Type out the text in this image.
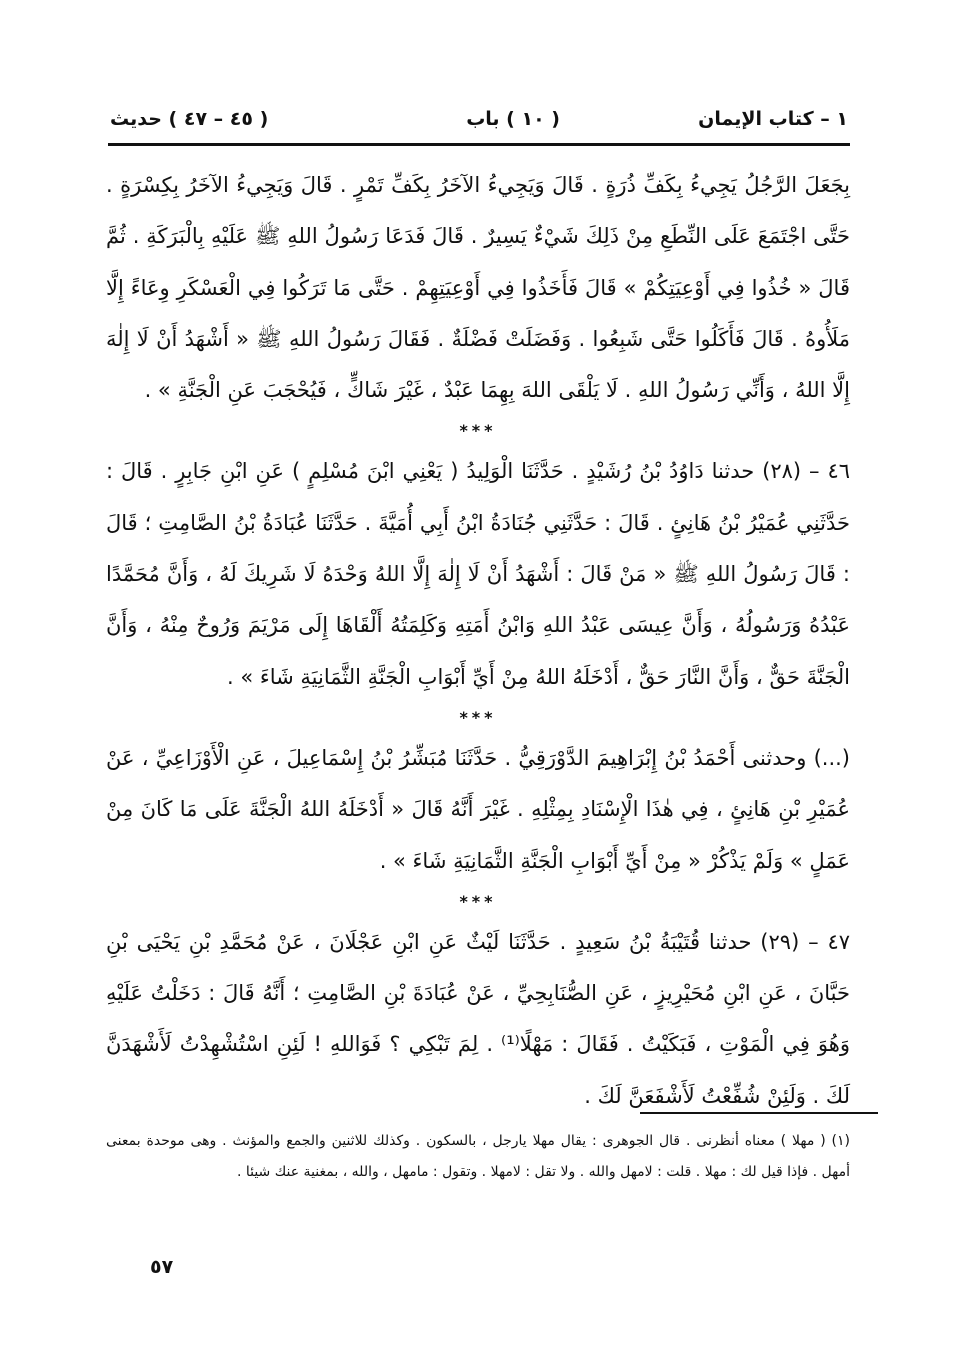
١ – كتاب الإيمان
( ١٠ ) باب
( ٤٥ – ٤٧ ) حديث

بِجَعَلَ الرَّجُلُ يَجِيءُ بِكَفِّ ذُرَةٍ . قَالَ وَيَجِيءُ الآخَرُ بِكَفِّ تَمْرٍ . قَالَ وَيَجِيءُ الآخَرُ بِكِسْرَةٍ . حَتَّى اجْتَمَعَ عَلَى النِّطَعِ مِنْ ذَلِكَ شَيْءٌ يَسِيرٌ . قَالَ فَدَعَا رَسُولُ اللهِ ﷺ عَلَيْهِ بِالْبَرَكَةِ . ثُمَّ قَالَ « خُذُوا فِي أَوْعِيَتِكُمْ » قَالَ فَأَخَذُوا فِي أَوْعِيَتِهِمْ . حَتَّى مَا تَرَكُوا فِي الْعَسْكَرِ وِعَاءً إِلَّا مَلَأُوهُ . قَالَ فَأَكَلُوا حَتَّى شَبِعُوا . وَفَضَلَتْ فَضْلَةٌ . فَقَالَ رَسُولُ اللهِ ﷺ « أَشْهَدُ أَنْ لَا إِلٰهَ إِلَّا اللهُ ، وَأَنِّي رَسُولُ اللهِ . لَا يَلْقَى اللهَ بِهِمَا عَبْدٌ ، غَيْرَ شَاكٍّ ، فَيُحْجَبَ عَنِ الْجَنَّةِ » .

***

٤٦ – (٢٨) حدثنا دَاوُدُ بْنُ رُشَيْدٍ . حَدَّثَنَا الْوَلِيدُ ( يَعْنِي ابْنَ مُسْلِمٍ ) عَنِ ابْنِ جَابِرٍ . قَالَ : حَدَّثَنِي عُمَيْرُ بْنُ هَانِئٍ . قَالَ : حَدَّثَنِي جُنَادَةُ ابْنُ أَبِي أُمَيَّةَ . حَدَّثَنَا عُبَادَةُ بْنُ الصَّامِتِ ؛ قَالَ : قَالَ رَسُولُ اللهِ ﷺ « مَنْ قَالَ : أَشْهَدُ أَنْ لَا إِلٰهَ إِلَّا اللهُ وَحْدَهُ لَا شَرِيكَ لَهُ ، وَأَنَّ مُحَمَّدًا عَبْدُهُ وَرَسُولُهُ ، وَأَنَّ عِيسَى عَبْدُ اللهِ وَابْنُ أَمَتِهِ وَكَلِمَتُهُ أَلْقَاهَا إِلَى مَرْيَمَ وَرُوحٌ مِنْهُ ، وَأَنَّ الْجَنَّةَ حَقٌّ ، وَأَنَّ النَّارَ حَقٌّ ، أَدْخَلَهُ اللهُ مِنْ أَيِّ أَبْوَابِ الْجَنَّةِ الثَّمَانِيَةِ شَاءَ » .

***

(...) وحدثنى أَحْمَدُ بْنُ إِبْرَاهِيمَ الدَّوْرَقِيُّ . حَدَّثَنَا مُبَشِّرُ بْنُ إِسْمَاعِيلَ ، عَنِ الْأَوْزَاعِيِّ ، عَنْ عُمَيْرِ بْنِ هَانِئٍ ، فِي هٰذَا الْإِسْنَادِ بِمِثْلِهِ . غَيْرَ أَنَّهُ قَالَ « أَدْخَلَهُ اللهُ الْجَنَّةَ عَلَى مَا كَانَ مِنْ عَمَلٍ » وَلَمْ يَذْكُرْ « مِنْ أَيِّ أَبْوَابِ الْجَنَّةِ الثَّمَانِيَةِ شَاءَ » .

***

٤٧ – (٢٩) حدثنا قُتَيْبَةُ بْنُ سَعِيدٍ . حَدَّثَنَا لَيْثٌ عَنِ ابْنِ عَجْلَانَ ، عَنْ مُحَمَّدِ بْنِ يَحْيَى بْنِ حَبَّانَ ، عَنِ ابْنِ مُحَيْرِيزٍ ، عَنِ الصُّنَابِحِيِّ ، عَنْ عُبَادَةَ بْنِ الصَّامِتِ ؛ أَنَّهُ قَالَ : دَخَلْتُ عَلَيْهِ وَهُوَ فِي الْمَوْتِ ، فَبَكَيْتُ . فَقَالَ : مَهْلًا⁽¹⁾ . لِمَ تَبْكِي ؟ فَوَاللهِ ! لَئِنِ اسْتُشْهِدْتُ لَأَشْهَدَنَّ لَكَ . وَلَئِنْ شُفِّعْتُ لَأَشْفَعَنَّ لَكَ .

(١) ( مهلا ) معناه أنظرنى . قال الجوهرى : يقال مهلا يارجل ، بالسكون . وكذلك للاثنين والجمع والمؤنث . وهى موحدة بمعنى أمهل . فإذا قيل لك : مهلا . قلت : لامهل والله . ولا تقل : لامهلا . وتقول : مامهل ، والله ، بمغنية عنك شيئا .
٥٧
